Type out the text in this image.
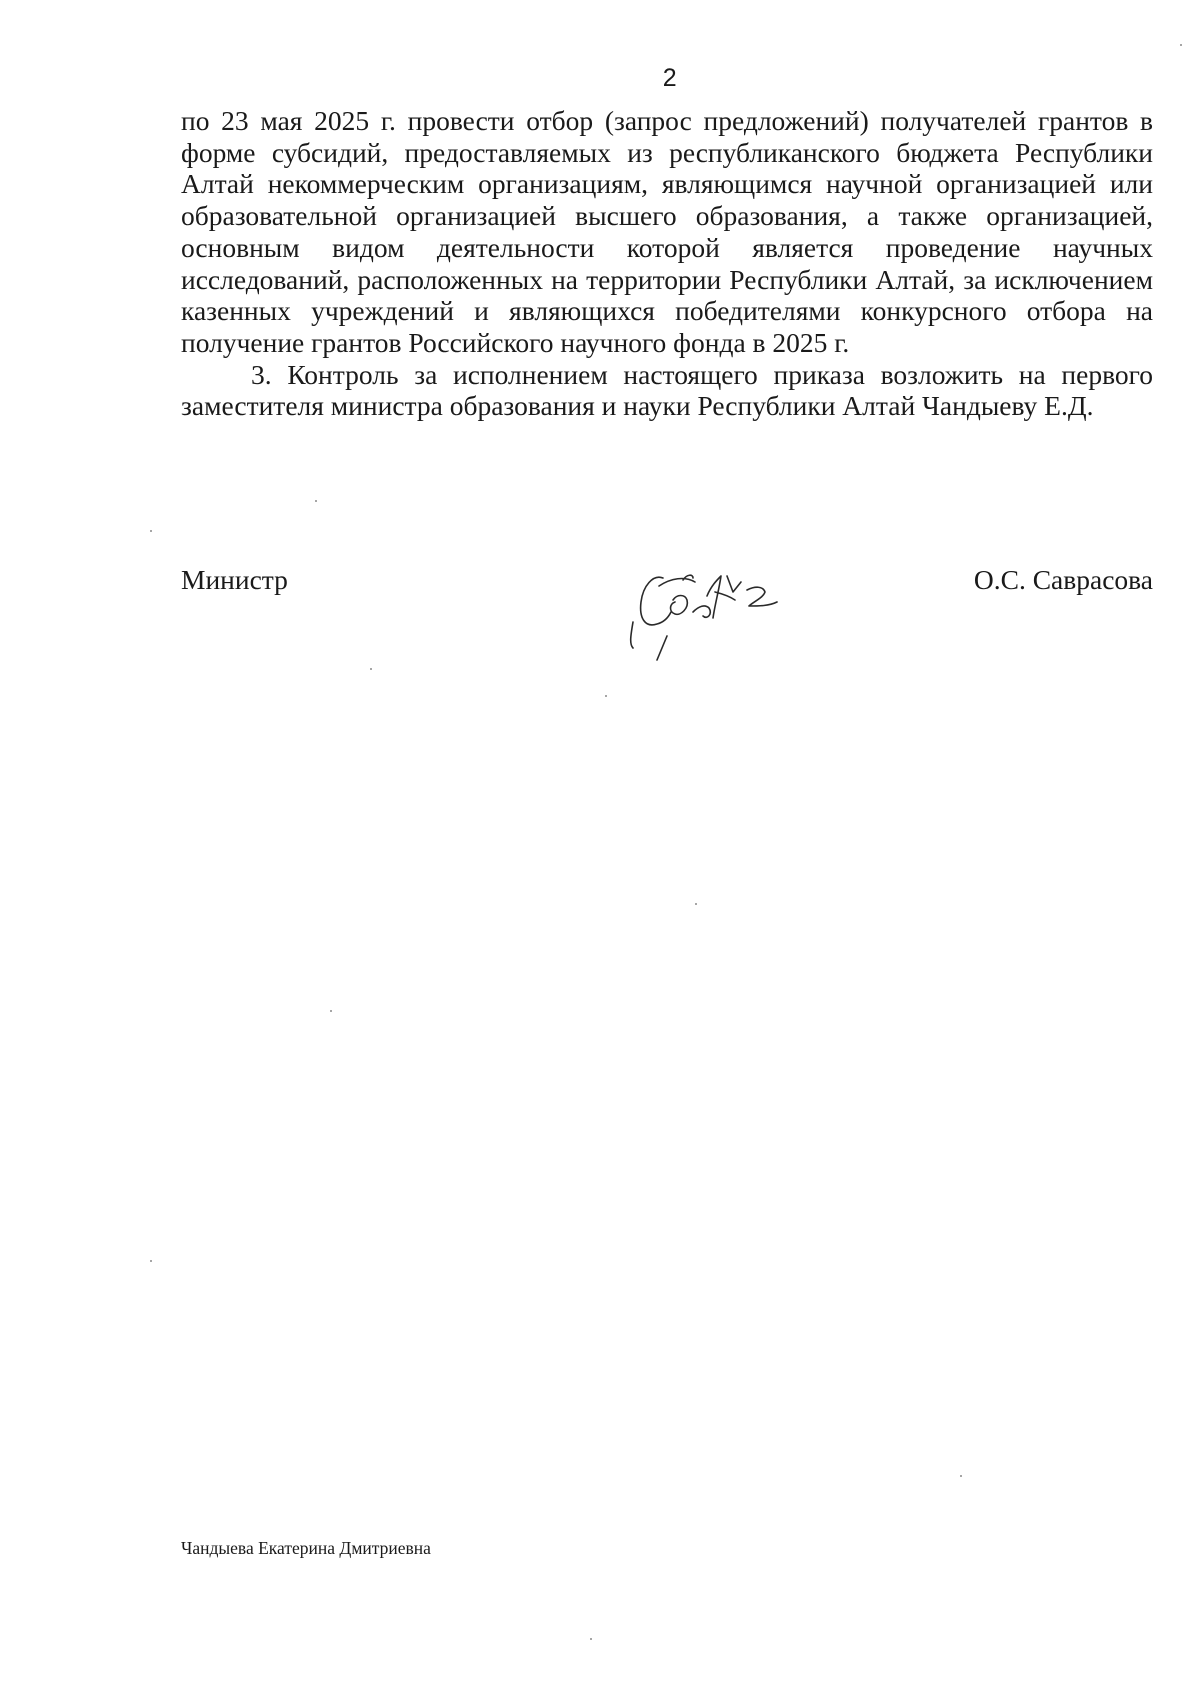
2

по 23 мая 2025 г. провести отбор (запрос предложений) получателей грантов в форме субсидий, предоставляемых из республиканского бюджета Республики Алтай некоммерческим организациям, являющимся научной организацией или образовательной организацией высшего образования, а также организацией, основным видом деятельности которой является проведение научных исследований, расположенных на территории Республики Алтай, за исключением казенных учреждений и являющихся победителями конкурсного отбора на получение грантов Российского научного фонда в 2025 г.

3. Контроль за исполнением настоящего приказа возложить на первого заместителя министра образования и науки Республики Алтай Чандыеву Е.Д.

Министр	О.С. Саврасова
Чандыева Екатерина Дмитриевна
